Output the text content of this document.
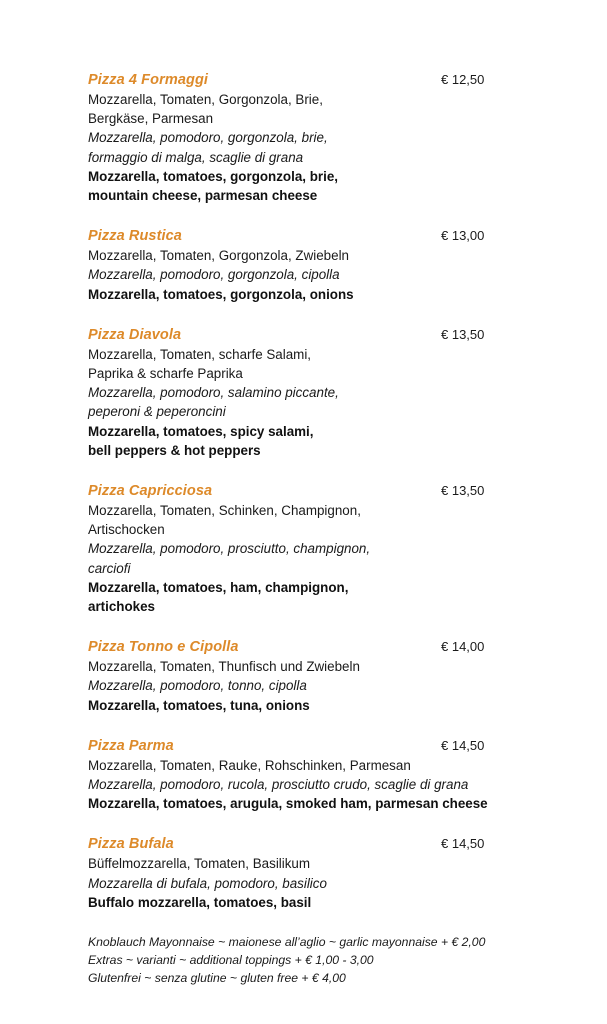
Pizza 4 Formaggi	€ 12,50
Mozzarella, Tomaten, Gorgonzola, Brie,
Bergkäse, Parmesan
Mozzarella, pomodoro, gorgonzola, brie,
formaggio di malga, scaglie di grana
Mozzarella, tomatoes, gorgonzola, brie,
mountain cheese, parmesan cheese
Pizza Rustica	€ 13,00
Mozzarella, Tomaten, Gorgonzola, Zwiebeln
Mozzarella, pomodoro, gorgonzola, cipolla
Mozzarella, tomatoes, gorgonzola, onions
Pizza Diavola	€ 13,50
Mozzarella, Tomaten, scharfe Salami,
Paprika & scharfe Paprika
Mozzarella, pomodoro, salamino piccante,
peperoni & peperoncini
Mozzarella, tomatoes, spicy salami,
bell peppers & hot peppers
Pizza Capricciosa	€ 13,50
Mozzarella, Tomaten, Schinken, Champignon,
Artischocken
Mozzarella, pomodoro, prosciutto, champignon,
carciofi
Mozzarella, tomatoes, ham, champignon,
artichokes
Pizza Tonno e Cipolla	€ 14,00
Mozzarella, Tomaten, Thunfisch und Zwiebeln
Mozzarella, pomodoro, tonno, cipolla
Mozzarella, tomatoes, tuna, onions
Pizza Parma	€ 14,50
Mozzarella, Tomaten, Rauke, Rohschinken, Parmesan
Mozzarella, pomodoro, rucola, prosciutto crudo, scaglie di grana
Mozzarella, tomatoes, arugula, smoked ham, parmesan cheese
Pizza Bufala	€ 14,50
Büffelmozzarella, Tomaten, Basilikum
Mozzarella di bufala, pomodoro, basilico
Buffalo mozzarella, tomatoes, basil
Knoblauch Mayonnaise ~ maionese all’aglio ~ garlic mayonnaise + € 2,00
Extras ~ varianti ~ additional toppings + € 1,00 - 3,00
Glutenfrei ~ senza glutine ~ gluten free + € 4,00
